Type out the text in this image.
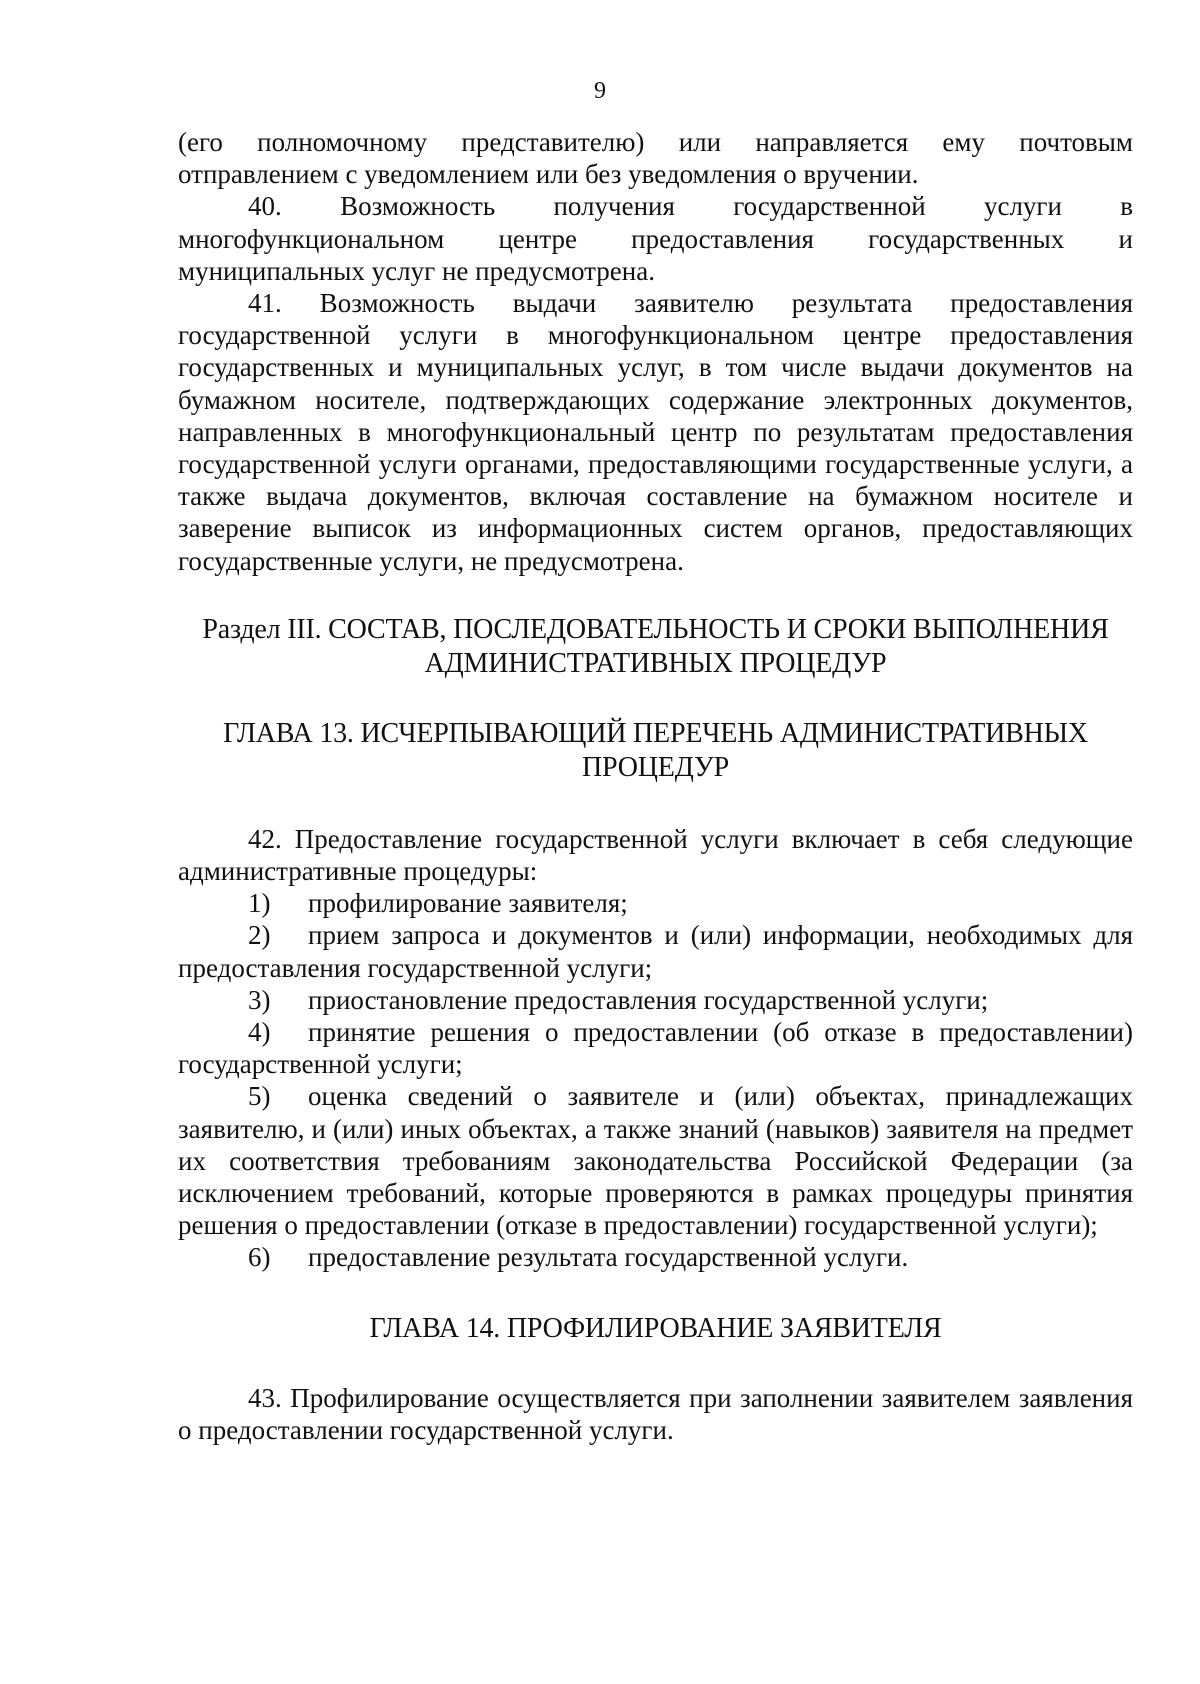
9

(его полномочному представителю) или направляется ему почтовым отправлением с уведомлением или без уведомления о вручении.

40. Возможность получения государственной услуги в многофункциональном центре предоставления государственных и муниципальных услуг не предусмотрена.

41. Возможность выдачи заявителю результата предоставления государственной услуги в многофункциональном центре предоставления государственных и муниципальных услуг, в том числе выдачи документов на бумажном носителе, подтверждающих содержание электронных документов, направленных в многофункциональный центр по результатам предоставления государственной услуги органами, предоставляющими государственные услуги, а также выдача документов, включая составление на бумажном носителе и заверение выписок из информационных систем органов, предоставляющих государственные услуги, не предусмотрена.

Раздел III. СОСТАВ, ПОСЛЕДОВАТЕЛЬНОСТЬ И СРОКИ ВЫПОЛНЕНИЯ
АДМИНИСТРАТИВНЫХ ПРОЦЕДУР
ГЛАВА 13. ИСЧЕРПЫВАЮЩИЙ ПЕРЕЧЕНЬ АДМИНИСТРАТИВНЫХ
ПРОЦЕДУР

42. Предоставление государственной услуги включает в себя следующие административные процедуры:

1) профилирование заявителя;

2) прием запроса и документов и (или) информации, необходимых для предоставления государственной услуги;

3) приостановление предоставления государственной услуги;

4) принятие решения о предоставлении (об отказе в предоставлении) государственной услуги;

5) оценка сведений о заявителе и (или) объектах, принадлежащих заявителю, и (или) иных объектах, а также знаний (навыков) заявителя на предмет их соответствия требованиям законодательства Российской Федерации (за исключением требований, которые проверяются в рамках процедуры принятия решения о предоставлении (отказе в предоставлении) государственной услуги);

6) предоставление результата государственной услуги.

ГЛАВА 14. ПРОФИЛИРОВАНИЕ ЗАЯВИТЕЛЯ

43. Профилирование осуществляется при заполнении заявителем заявления о предоставлении государственной услуги.
